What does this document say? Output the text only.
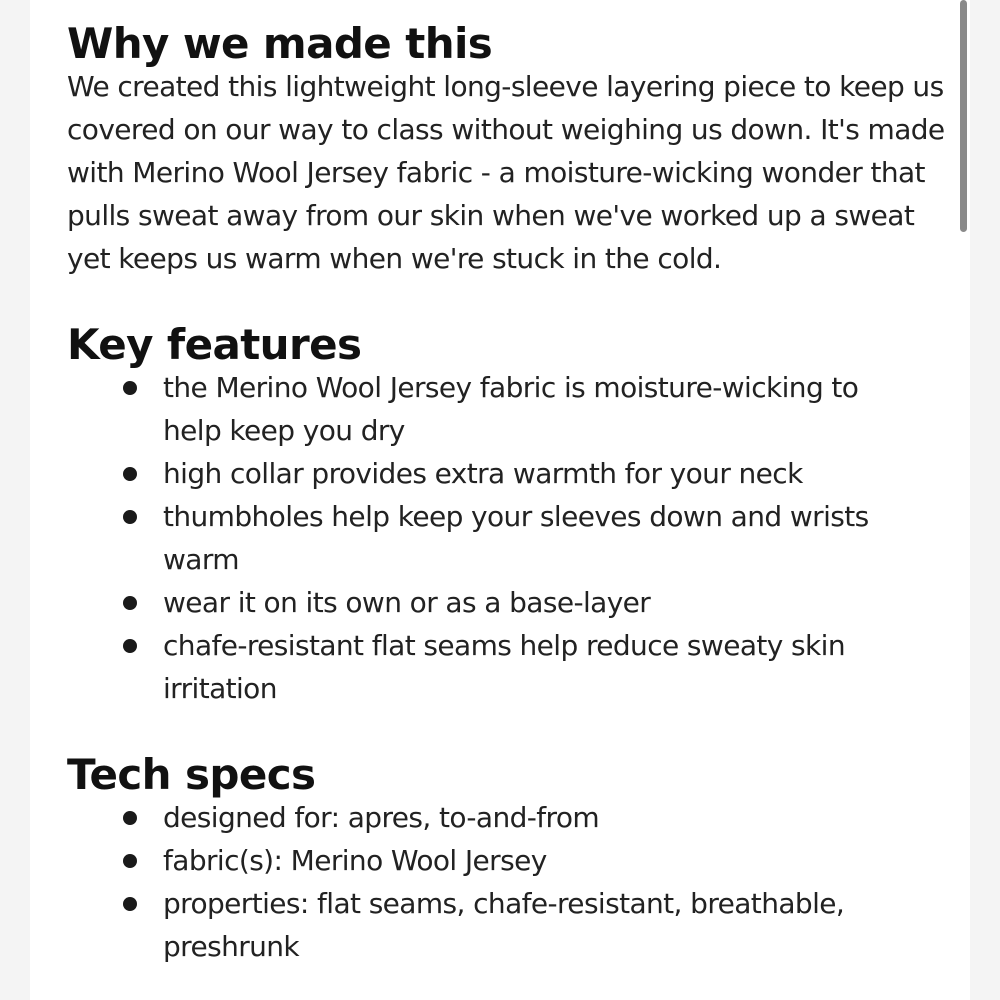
Why we made this

We created this lightweight long-sleeve layering piece to keep us covered on our way to class without weighing us down. It's made with Merino Wool Jersey fabric - a moisture-wicking wonder that pulls sweat away from our skin when we've worked up a sweat yet keeps us warm when we're stuck in the cold.

Key features
the Merino Wool Jersey fabric is moisture-wicking to help keep you dry
high collar provides extra warmth for your neck
thumbholes help keep your sleeves down and wrists warm
wear it on its own or as a base-layer
chafe-resistant flat seams help reduce sweaty skin irritation
Tech specs
designed for: apres, to-and-from
fabric(s): Merino Wool Jersey
properties: flat seams, chafe-resistant, breathable, preshrunk
